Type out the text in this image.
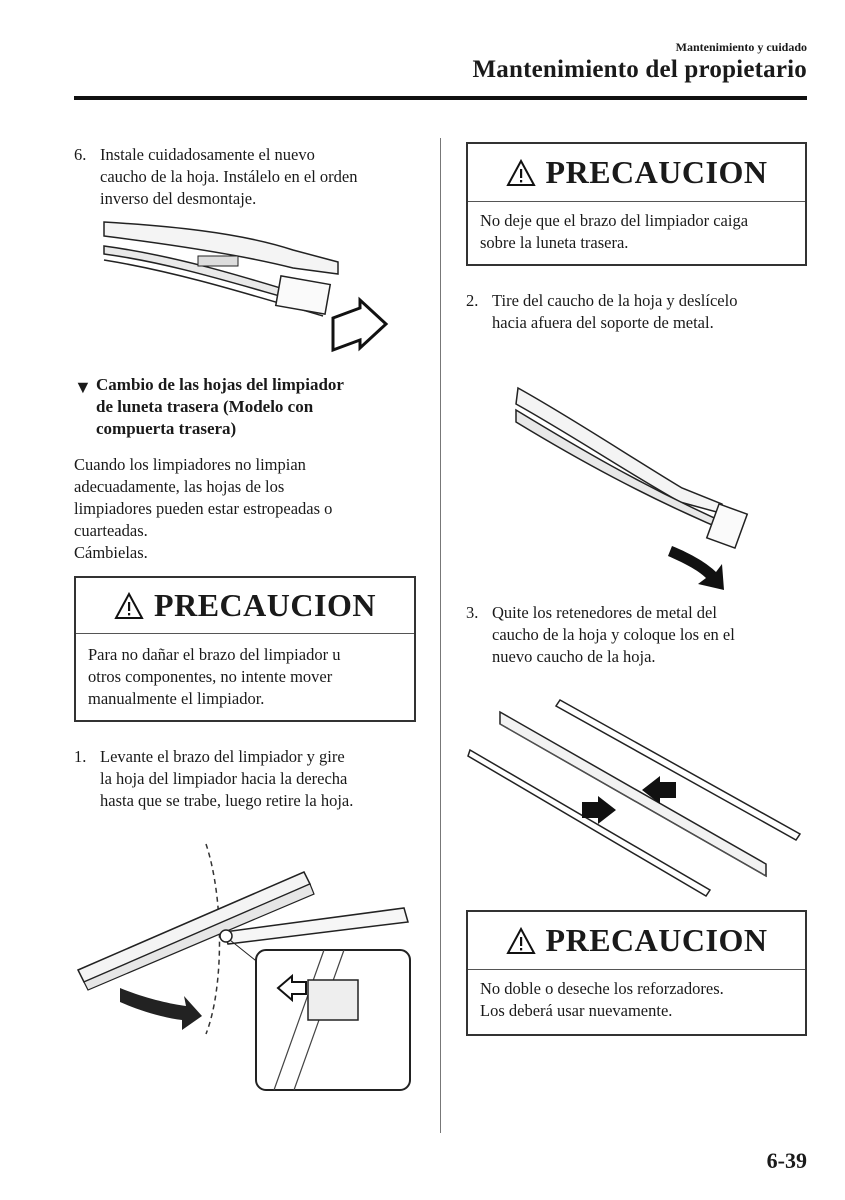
Mantenimiento y cuidado
Mantenimiento del propietario
6. Instale cuidadosamente el nuevo
caucho de la hoja. Instálelo en el orden
inverso del desmontaje.
▼ Cambio de las hojas del limpiador
de luneta trasera (Modelo con
compuerta trasera)
Cuando los limpiadores no limpian
adecuadamente, las hojas de los
limpiadores pueden estar estropeadas o
cuarteadas.
Cámbielas.
PRECAUCION
Para no dañar el brazo del limpiador u
otros componentes, no intente mover
manualmente el limpiador.
1. Levante el brazo del limpiador y gire
la hoja del limpiador hacia la derecha
hasta que se trabe, luego retire la hoja.
PRECAUCION
No deje que el brazo del limpiador caiga
sobre la luneta trasera.
2. Tire del caucho de la hoja y deslícelo
hacia afuera del soporte de metal.
3. Quite los retenedores de metal del
caucho de la hoja y coloque los en el
nuevo caucho de la hoja.
PRECAUCION
No doble o deseche los reforzadores.
Los deberá usar nuevamente.
6-39
